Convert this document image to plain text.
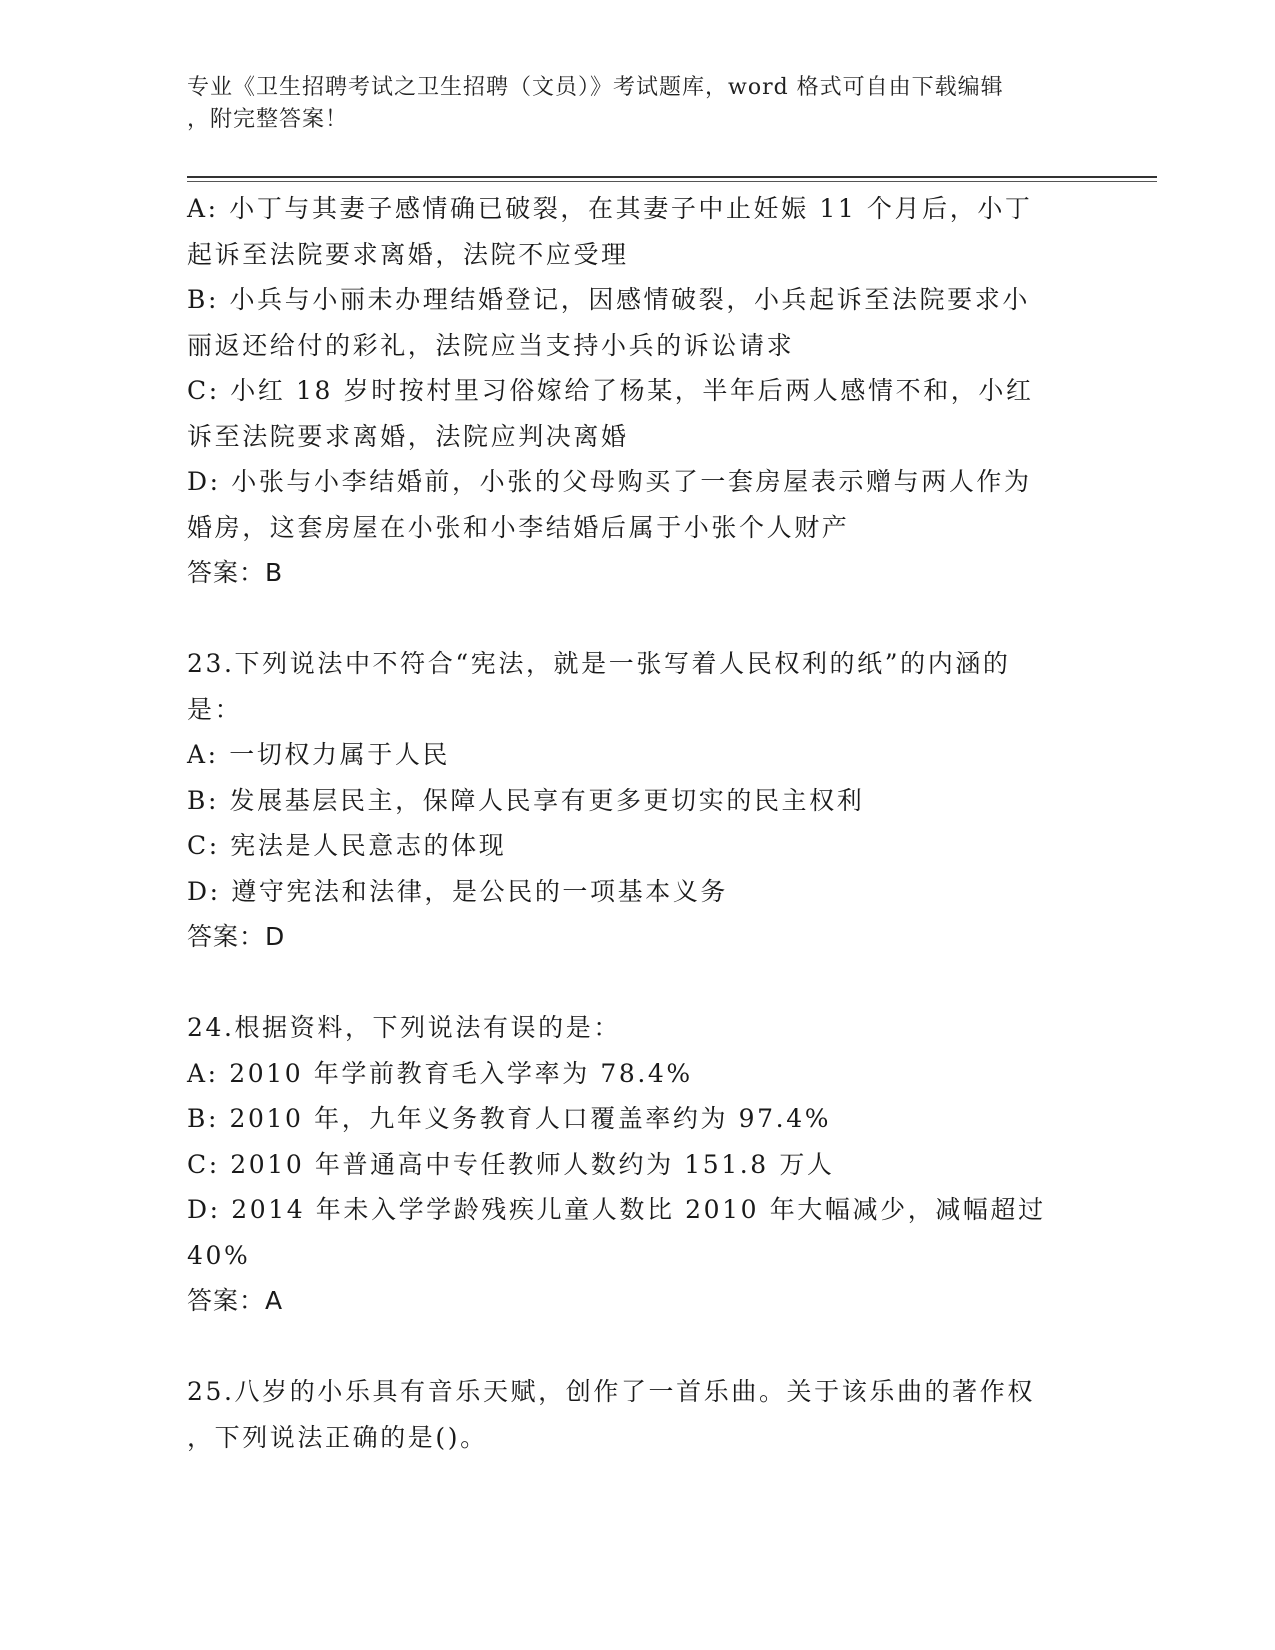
专业《卫生招聘考试之卫生招聘（文员）》考试题库，word 格式可自由下载编辑
，附完整答案！

A: 小丁与其妻子感情确已破裂，在其妻子中止妊娠 11 个月后，小丁

起诉至法院要求离婚，法院不应受理

B: 小兵与小丽未办理结婚登记，因感情破裂，小兵起诉至法院要求小

丽返还给付的彩礼，法院应当支持小兵的诉讼请求

C: 小红 18 岁时按村里习俗嫁给了杨某，半年后两人感情不和，小红

诉至法院要求离婚，法院应判决离婚

D: 小张与小李结婚前，小张的父母购买了一套房屋表示赠与两人作为

婚房，这套房屋在小张和小李结婚后属于小张个人财产

答案：B

23.下列说法中不符合“宪法，就是一张写着人民权利的纸”的内涵的

是：

A: 一切权力属于人民

B: 发展基层民主，保障人民享有更多更切实的民主权利

C: 宪法是人民意志的体现

D: 遵守宪法和法律，是公民的一项基本义务

答案：D

24.根据资料，下列说法有误的是：

A: 2010 年学前教育毛入学率为 78.4%

B: 2010 年，九年义务教育人口覆盖率约为 97.4%

C: 2010 年普通高中专任教师人数约为 151.8 万人

D: 2014 年未入学学龄残疾儿童人数比 2010 年大幅减少，减幅超过

40%

答案：A

25.八岁的小乐具有音乐天赋，创作了一首乐曲。关于该乐曲的著作权

，下列说法正确的是()。
